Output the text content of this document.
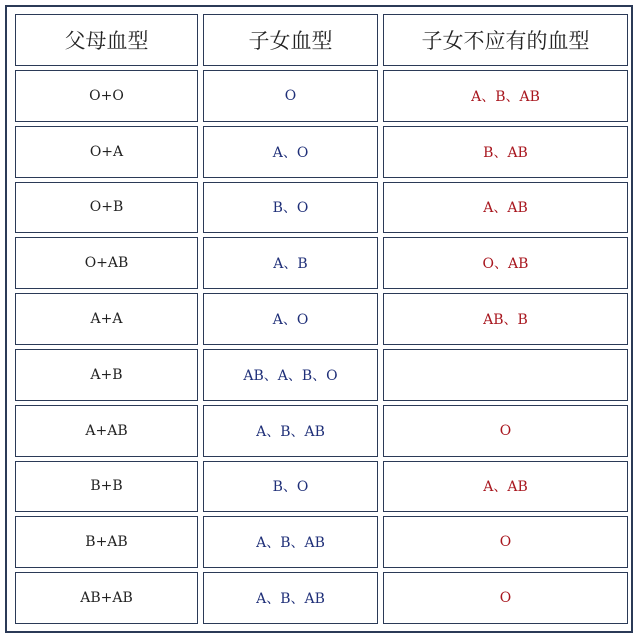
父母血型	子女血型	子女不应有的血型
O+O	O	A、B、AB
O+A	A、O	B、AB
O+B	B、O	A、AB
O+AB	A、B	O、AB
A+A	A、O	AB、B
A+B	AB、A、B、O	
A+AB	A、B、AB	O
B+B	B、O	A、AB
B+AB	A、B、AB	O
AB+AB	A、B、AB	O
